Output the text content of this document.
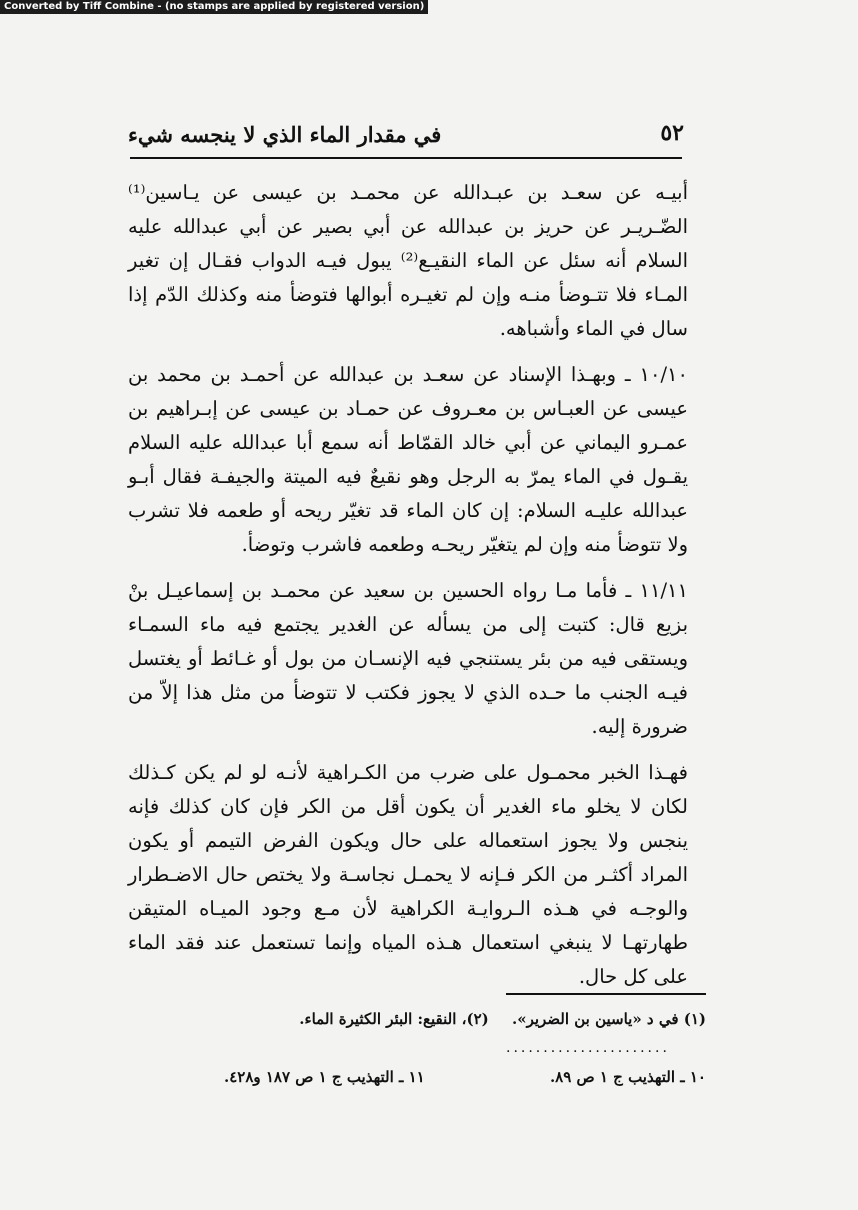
Converted by Tiff Combine - (no stamps are applied by registered version)
٥٢
في مقدار الماء الذي لا ينجسه شيء

أبيـه عن سعـد بن عبـدالله عن محمـد بن عيسى عن يـاسين⁽¹⁾ الضّـريـر عن حريز بن عبدالله عن أبي بصير عن أبي عبدالله عليه السلام أنه سئل عن الماء النقيـع⁽²⁾ يبول فيـه الدواب فقـال إن تغير المـاء فلا تتـوضأ منـه وإن لم تغيـره أبوالها فتوضأ منه وكذلك الدّم إذا سال في الماء وأشباهه.

١٠/١٠ ـ وبهـذا الإسناد عن سعـد بن عبدالله عن أحمـد بن محمد بن عيسى عن العبـاس بن معـروف عن حمـاد بن عيسى عن إبـراهيم بن عمـرو اليماني عن أبي خالد القمّاط أنه سمع أبا عبدالله عليه السلام يقـول في الماء يمرّ به الرجل وهو نقيعٌ فيه الميتة والجيفـة فقال أبـو عبدالله عليـه السلام: إن كان الماء قد تغيّر ريحه أو طعمه فلا تشرب ولا تتوضأ منه وإن لم يتغيّر ريحـه وطعمه فاشرب وتوضأ.

١١/١١ ـ فأما مـا رواه الحسين بن سعيد عن محمـد بن إسماعيـل بنْ بزيع قال: كتبت إلى من يسأله عن الغدير يجتمع فيه ماء السمـاء ويستقى فيه من بئر يستنجي فيه الإنسـان من بول أو غـائط أو يغتسل فيـه الجنب ما حـده الذي لا يجوز فكتب لا تتوضأ من مثل هذا إلاّ من ضرورة إليه.

فهـذا الخبر محمـول على ضرب من الكـراهية لأنـه لو لم يكن كـذلك لكان لا يخلو ماء الغدير أن يكون أقل من الكر فإن كان كذلك فإنه ينجس ولا يجوز استعماله على حال ويكون الفرض التيمم أو يكون المراد أكثـر من الكر فـإنه لا يحمـل نجاسـة ولا يختص حال الاضـطرار والوجـه في هـذه الـروايـة الكراهية لأن مـع وجود الميـاه المتيقن طهارتهـا لا ينبغي استعمال هـذه المياه وإنما تستعمل عند فقد الماء على كل حال.

(١) في د «ياسين بن الضرير». (٢)، النقيع: البئر الكثيرة الماء.
......................
١٠ ـ التهذيب ج ١ ص ٨٩.
١١ ـ التهذيب ج ١ ص ١٨٧ و٤٢٨.
